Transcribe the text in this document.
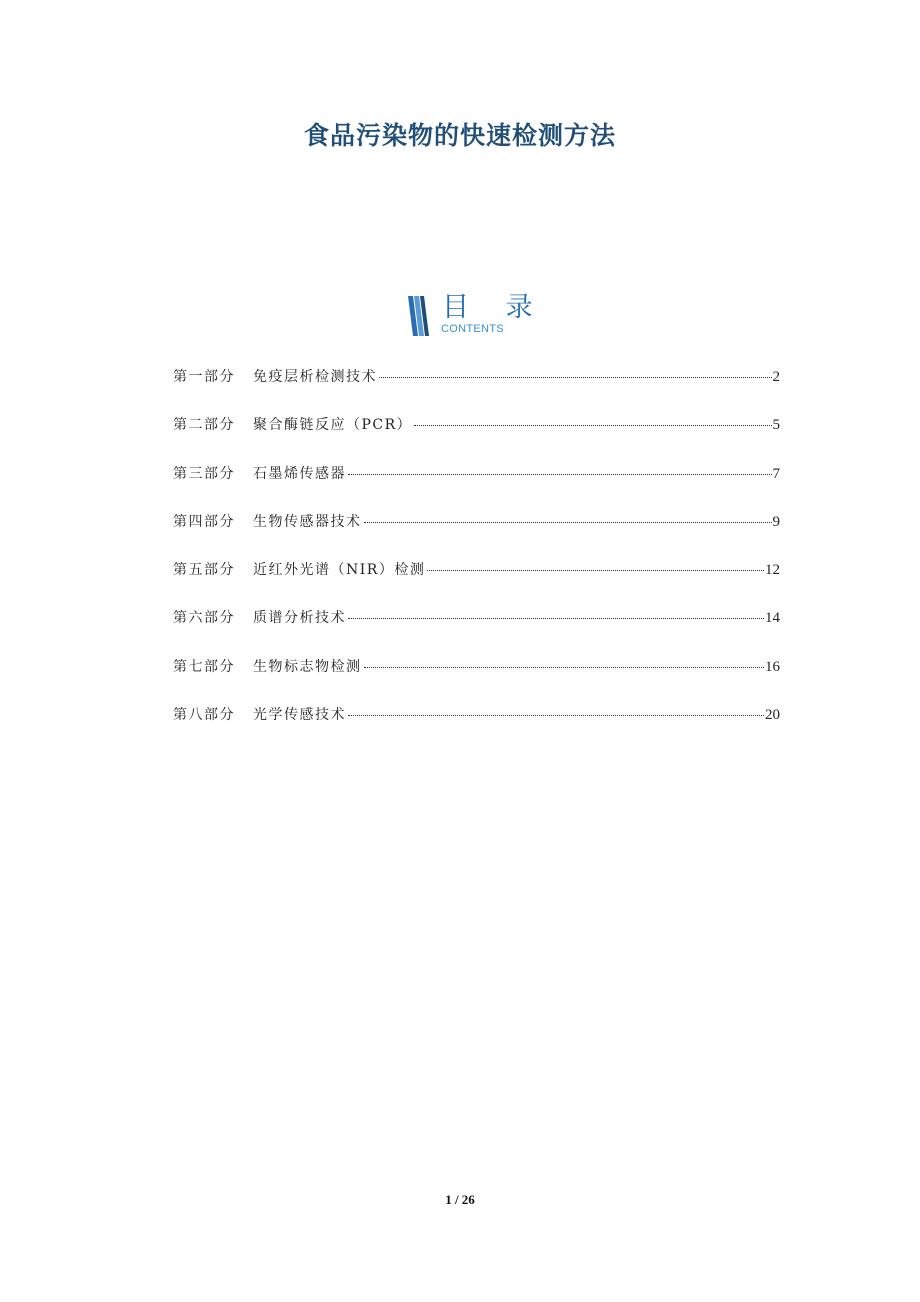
食品污染物的快速检测方法
目 录
CONTENTS
第一部分	免疫层析检测技术	2
第二部分	聚合酶链反应（PCR）	5
第三部分	石墨烯传感器	7
第四部分	生物传感器技术	9
第五部分	近红外光谱（NIR）检测	12
第六部分	质谱分析技术	14
第七部分	生物标志物检测	16
第八部分	光学传感技术	20
1 / 26
